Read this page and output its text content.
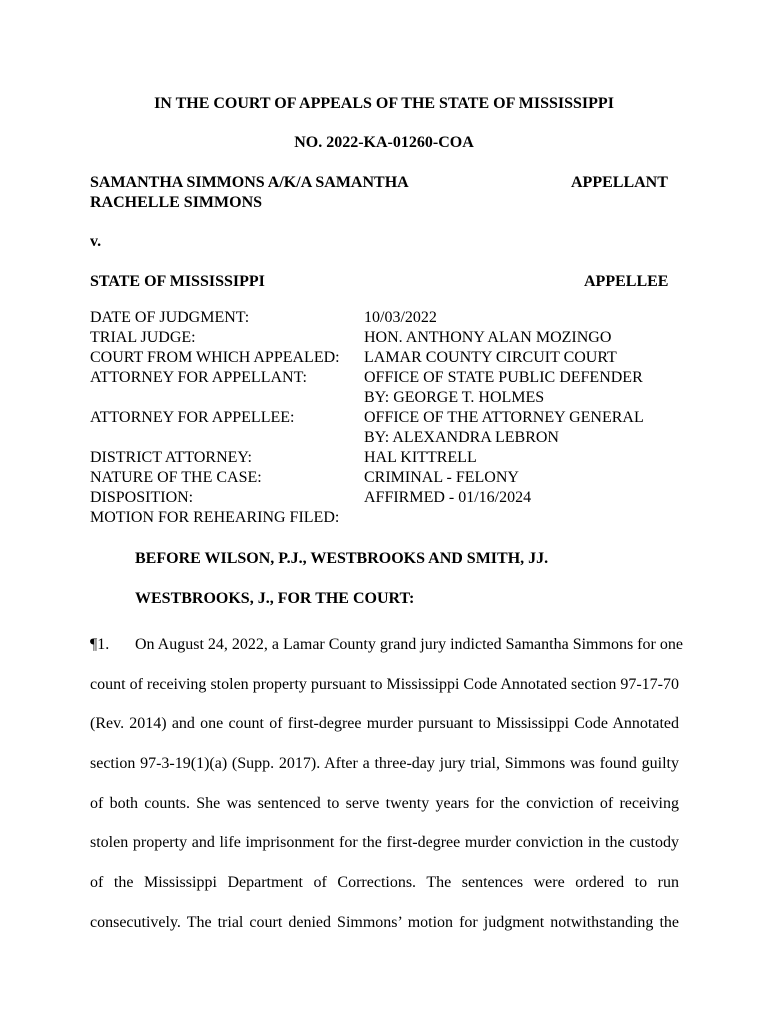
IN THE COURT OF APPEALS OF THE STATE OF MISSISSIPPI
NO. 2022-KA-01260-COA
SAMANTHA SIMMONS A/K/A SAMANTHA
RACHELLE SIMMONS
APPELLANT
v.
STATE OF MISSISSIPPI	APPELLEE
DATE OF JUDGMENT:	10/03/2022
TRIAL JUDGE:	HON. ANTHONY ALAN MOZINGO
COURT FROM WHICH APPEALED:	LAMAR COUNTY CIRCUIT COURT
ATTORNEY FOR APPELLANT:	OFFICE OF STATE PUBLIC DEFENDER
BY: GEORGE T. HOLMES
ATTORNEY FOR APPELLEE:	OFFICE OF THE ATTORNEY GENERAL
BY: ALEXANDRA LEBRON
DISTRICT ATTORNEY:	HAL KITTRELL
NATURE OF THE CASE:	CRIMINAL - FELONY
DISPOSITION:	AFFIRMED - 01/16/2024
MOTION FOR REHEARING FILED:
BEFORE WILSON, P.J., WESTBROOKS AND SMITH, JJ.
WESTBROOKS, J., FOR THE COURT:
¶1. On August 24, 2022, a Lamar County grand jury indicted Samantha Simmons for one
count of receiving stolen property pursuant to Mississippi Code Annotated section 97-17-70
(Rev. 2014) and one count of first-degree murder pursuant to Mississippi Code Annotated
section 97-3-19(1)(a) (Supp. 2017). After a three-day jury trial, Simmons was found guilty
of both counts. She was sentenced to serve twenty years for the conviction of receiving
stolen property and life imprisonment for the first-degree murder conviction in the custody
of the Mississippi Department of Corrections. The sentences were ordered to run
consecutively. The trial court denied Simmons’ motion for judgment notwithstanding the
